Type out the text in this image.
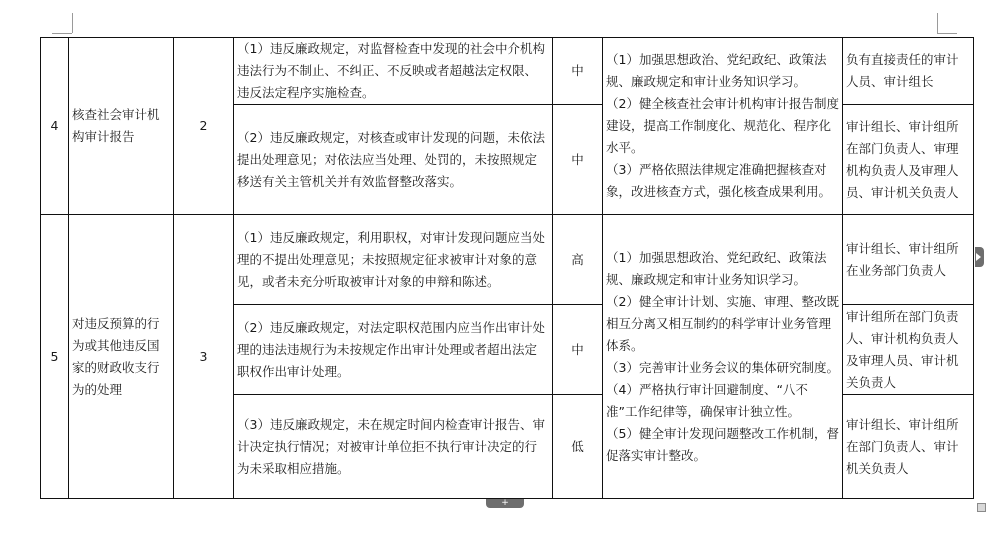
4	核查社会审计机构审计报告	2	（1）违反廉政规定，对监督检查中发现的社会中介机构违法行为不制止、不纠正、不反映或者超越法定权限、违反法定程序实施检查。	中	（1）加强思想政治、党纪政纪、政策法规、廉政规定和审计业务知识学习。
（2）健全核查社会审计机构审计报告制度建设，提高工作制度化、规范化、程序化水平。
（3）严格依照法律规定准确把握核查对象，改进核查方式，强化核查成果利用。	负有直接责任的审计人员、审计组长
			（2）违反廉政规定，对核查或审计发现的问题，未依法提出处理意见；对依法应当处理、处罚的，未按照规定移送有关主管机关并有效监督整改落实。	中		审计组长、审计组所在部门负责人、审理机构负责人及审理人员、审计机关负责人
5	对违反预算的行为或其他违反国家的财政收支行为的处理	3	（1）违反廉政规定，利用职权，对审计发现问题应当处理的不提出处理意见；未按照规定征求被审计对象的意见，或者未充分听取被审计对象的申辩和陈述。	高	（1）加强思想政治、党纪政纪、政策法规、廉政规定和审计业务知识学习。
（2）健全审计计划、实施、审理、整改既相互分离又相互制约的科学审计业务管理体系。
（3）完善审计业务会议的集体研究制度。
（4）严格执行审计回避制度、“八不准”工作纪律等，确保审计独立性。
（5）健全审计发现问题整改工作机制，督促落实审计整改。	审计组长、审计组所在业务部门负责人
			（2）违反廉政规定，对法定职权范围内应当作出审计处理的违法违规行为未按规定作出审计处理或者超出法定职权作出审计处理。	中		审计组所在部门负责人、审计机构负责人及审理人员、审计机关负责人
			（3）违反廉政规定，未在规定时间内检查审计报告、审计决定执行情况；对被审计单位拒不执行审计决定的行为未采取相应措施。	低		审计组长、审计组所在部门负责人、审计机关负责人
+
